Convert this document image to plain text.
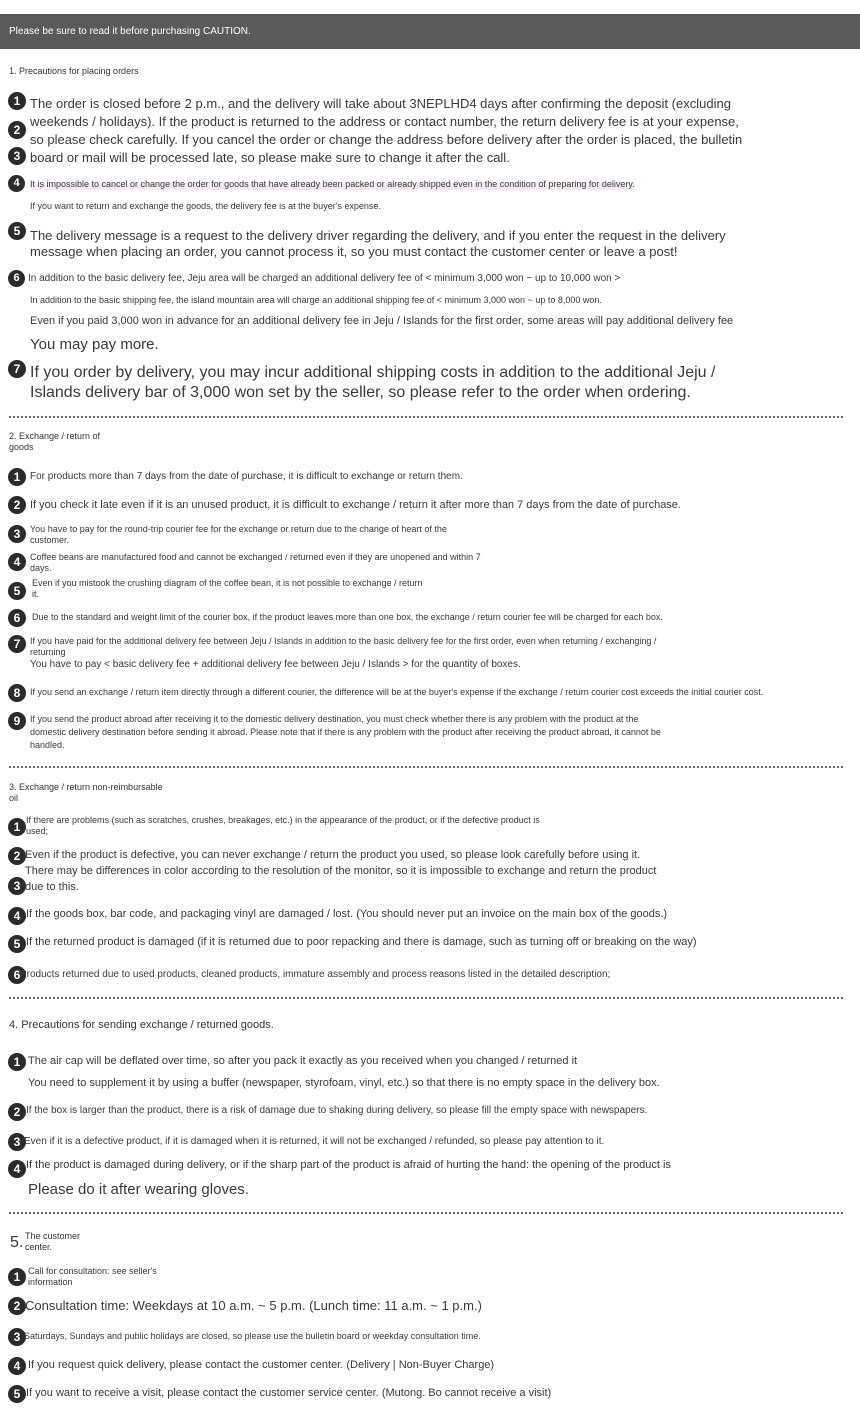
Please be sure to read it before purchasing CAUTION.
1. Precautions for placing orders
1
2
3
The order is closed before 2 p.m., and the delivery will take about 3NEPLHD4 days after confirming the deposit (excluding
weekends / holidays). If the product is returned to the address or contact number, the return delivery fee is at your expense,
so please check carefully. If you cancel the order or change the address before delivery after the order is placed, the bulletin
board or mail will be processed late, so please make sure to change it after the call.
4	It is impossible to cancel or change the order for goods that have already been packed or already shipped even in the condition of preparing for delivery.
If you want to return and exchange the goods, the delivery fee is at the buyer's expense.
5 The delivery message is a request to the delivery driver regarding the delivery, and if you enter the request in the delivery
message when placing an order, you cannot process it, so you must contact the customer center or leave a post!
6 In addition to the basic delivery fee, Jeju area will be charged an additional delivery fee of < minimum 3,000 won ~ up to 10,000 won >
In addition to the basic shipping fee, the island mountain area will charge an additional shipping fee of < minimum 3,000 won ~ up to 8,000 won.
Even if you paid 3,000 won in advance for an additional delivery fee in Jeju / Islands for the first order, some areas will pay additional delivery fee
You may pay more.
7 If you order by delivery, you may incur additional shipping costs in addition to the additional Jeju /
Islands delivery bar of 3,000 won set by the seller, so please refer to the order when ordering.
2. Exchange / return of
goods
1 For products more than 7 days from the date of purchase, it is difficult to exchange or return them.
2 If you check it late even if it is an unused product, it is difficult to exchange / return it after more than 7 days from the date of purchase.
3	You have to pay for the round-trip courier fee for the exchange or return due to the change of heart of the
customer.
4	Coffee beans are manufactured food and cannot be exchanged / returned even if they are unopened and within 7
days.
5
Even if you mistook the crushing diagram of the coffee bean, it is not possible to exchange / return
it.
6	Due to the standard and weight limit of the courier box, if the product leaves more than one box, the exchange / return courier fee will be charged for each box.
7	If you have paid for the additional delivery fee between Jeju / Islands in addition to the basic delivery fee for the first order, even when returning / exchanging /
returning
You have to pay < basic delivery fee + additional delivery fee between Jeju / Islands > for the quantity of boxes.
8	If you send an exchange / return item directly through a different courier, the difference will be at the buyer's expense if the exchange / return courier cost exceeds the initial courier cost.
9	If you send the product abroad after receiving it to the domestic delivery destination, you must check whether there is any problem with the product at the
domestic delivery destination before sending it abroad. Please note that if there is any problem with the product after receiving the product abroad, it cannot be
handled.
3. Exchange / return non-reimbursable
oil
1 If there are problems (such as scratches, crushes, breakages, etc.) in the appearance of the product, or if the defective product is
used;
2 Even if the product is defective, you can never exchange / return the product you used, so please look carefully before using it.
3
There may be differences in color according to the resolution of the monitor, so it is impossible to exchange and return the product
due to this.
4 If the goods box, bar code, and packaging vinyl are damaged / lost. (You should never put an invoice on the main box of the goods.)
5 If the returned product is damaged (if it is returned due to poor repacking and there is damage, such as turning off or breaking on the way)
6 Products returned due to used products, cleaned products, immature assembly and process reasons listed in the detailed description;
4. Precautions for sending exchange / returned goods.
1 The air cap will be deflated over time, so after you pack it exactly as you received when you changed / returned it
You need to supplement it by using a buffer (newspaper, styrofoam, vinyl, etc.) so that there is no empty space in the delivery box.
2 If the box is larger than the product, there is a risk of damage due to shaking during delivery, so please fill the empty space with newspapers.
3 Even if it is a defective product, if it is damaged when it is returned, it will not be exchanged / refunded, so please pay attention to it.
4 If the product is damaged during delivery, or if the sharp part of the product is afraid of hurting the hand: the opening of the product is
Please do it after wearing gloves.
5. The customer
center.
1 Call for consultation: see seller's
information
2 Consultation time: Weekdays at 10 a.m. ~ 5 p.m. (Lunch time: 11 a.m. ~ 1 p.m.)
3 Saturdays, Sundays and public holidays are closed, so please use the bulletin board or weekday consultation time.
4 If you request quick delivery, please contact the customer center. (Delivery | Non-Buyer Charge)
5 If you want to receive a visit, please contact the customer service center. (Mutong. Bo cannot receive a visit)
